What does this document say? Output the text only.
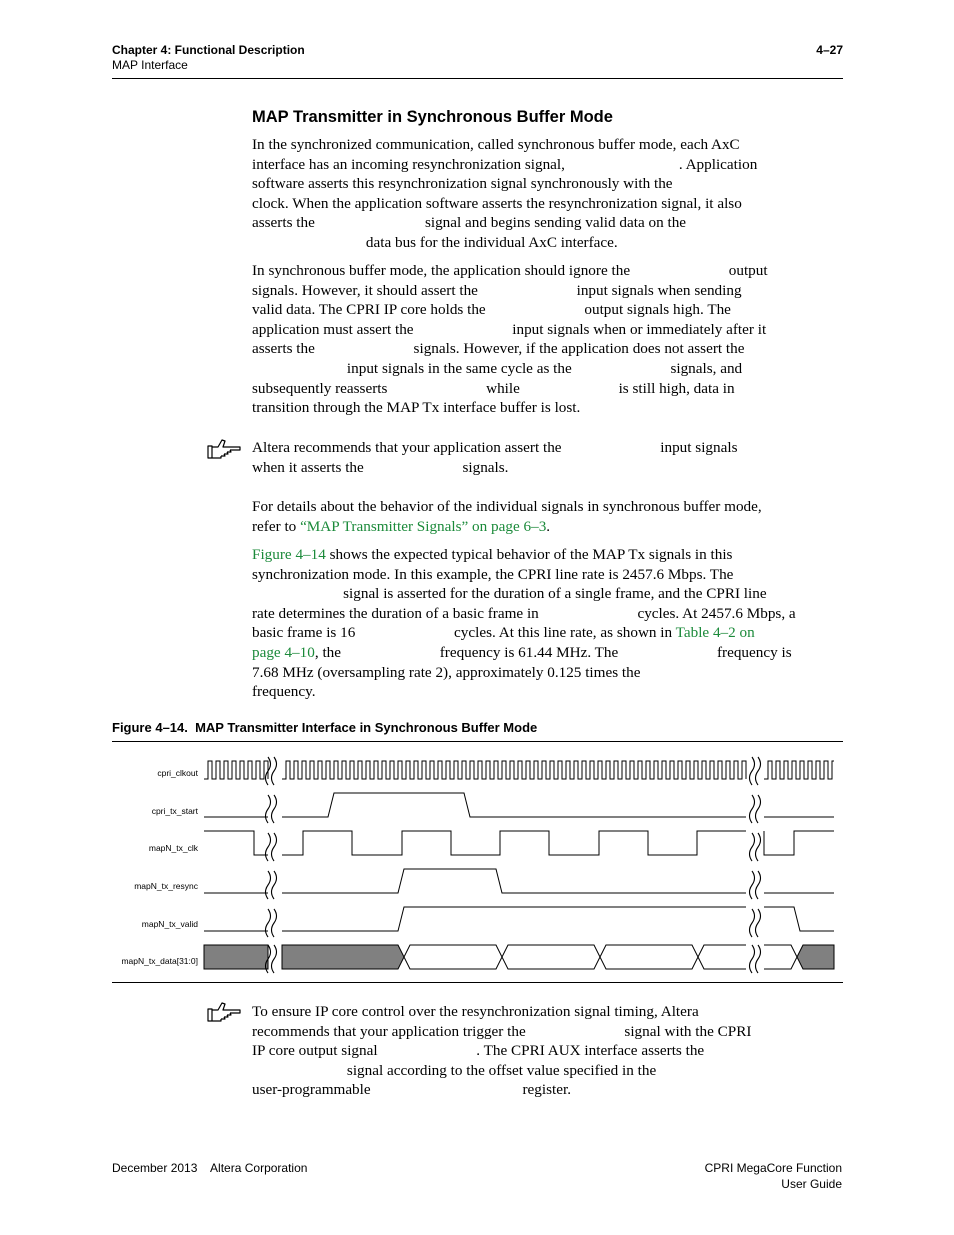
Chapter 4: Functional Description
MAP Interface
4–27
MAP Transmitter in Synchronous Buffer Mode
In the synchronized communication, called synchronous buffer mode, each AxC
interface has an incoming resynchronization signal,                              . Application
software asserts this resynchronization signal synchronously with the
clock. When the application software asserts the resynchronization signal, it also
asserts the                             signal and begins sending valid data on the
data bus for the individual AxC interface.
In synchronous buffer mode, the application should ignore the                          output
signals. However, it should assert the                          input signals when sending
valid data. The CPRI IP core holds the                          output signals high. The
application must assert the                          input signals when or immediately after it
asserts the                          signals. However, if the application does not assert the
input signals in the same cycle as the                          signals, and
subsequently reasserts                          while                          is still high, data in
transition through the MAP Tx interface buffer is lost.
Altera recommends that your application assert the                          input signals
when it asserts the                          signals.
For details about the behavior of the individual signals in synchronous buffer mode,
refer to “MAP Transmitter Signals” on page 6–3.
Figure 4–14 shows the expected typical behavior of the MAP Tx signals in this
synchronization mode. In this example, the CPRI line rate is 2457.6 Mbps. The
signal is asserted for the duration of a single frame, and the CPRI line
rate determines the duration of a basic frame in                          cycles. At 2457.6 Mbps, a
basic frame is 16                          cycles. At this line rate, as shown in Table 4–2 on
page 4–10, the                          frequency is 61.44 MHz. The                          frequency is
7.68 MHz (oversampling rate 2), approximately 0.125 times the
frequency.
Figure 4–14.  MAP Transmitter Interface in Synchronous Buffer Mode
cpri_clkout
cpri_tx_start
mapN_tx_clk
mapN_tx_resync
mapN_tx_valid
mapN_tx_data[31:0]
To ensure IP core control over the resynchronization signal timing, Altera
recommends that your application trigger the                          signal with the CPRI
IP core output signal                          . The CPRI AUX interface asserts the
signal according to the offset value specified in the
user-programmable                                        register.
December 2013    Altera Corporation	CPRI MegaCore Function
User Guide
